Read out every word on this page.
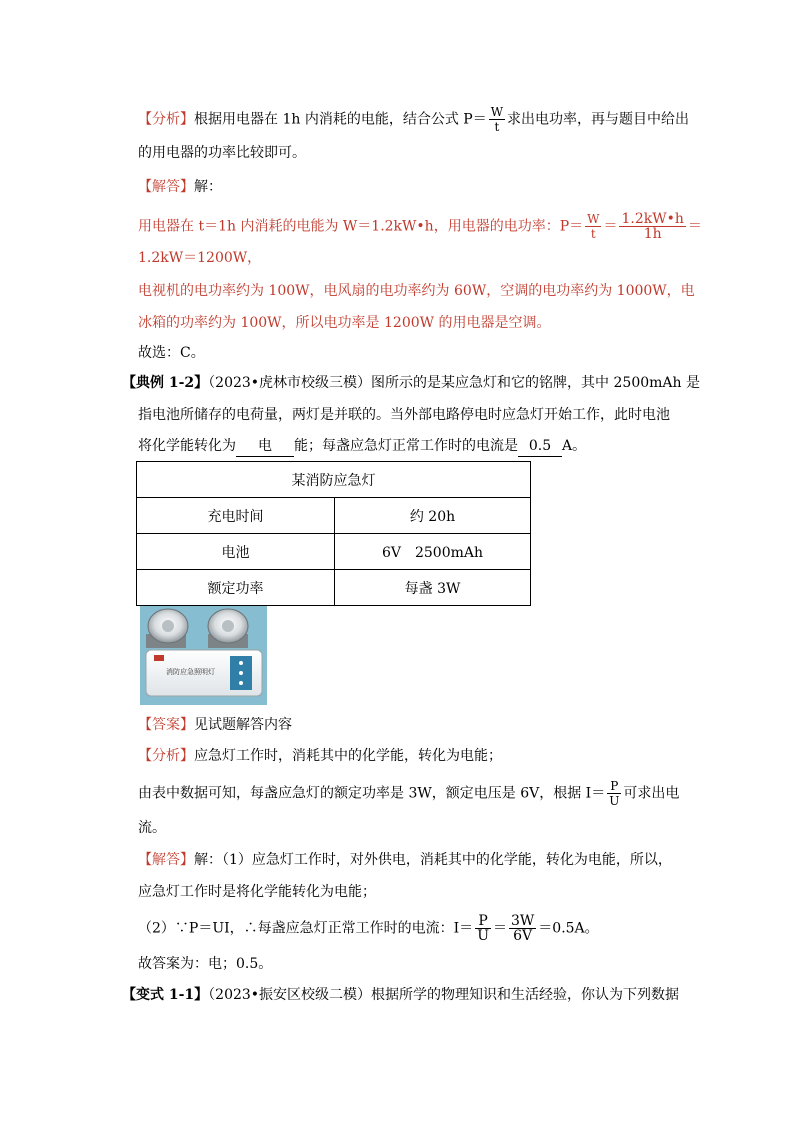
【分析】根据用电器在 1h 内消耗的电能，结合公式 $P= \frac{W}{t}$ 求出电功率，再与题目中给出
的用电器的功率比较即可。
【解答】解：
用电器在 t＝1h 内消耗的电能为 W＝1.2kW•h，用电器的电功率：$P= \frac{W}{t} = \frac{1.2kW•h}{1h}$ ＝
1.2kW＝1200W，
电视机的电功率约为 100W，电风扇的电功率约为 60W，空调的电功率约为 1000W，电
冰箱的功率约为 100W，所以电功率是 1200W 的用电器是空调。
故选：C。
【典例 1-2】（2023•虎林市校级三模）图所示的是某应急灯和它的铭牌，其中 2500mAh 是
指电池所储存的电荷量，两灯是并联的。当外部电路停电时应急灯开始工作，此时电池
将化学能转化为 电 能；每盏应急灯正常工作时的电流是 0.5 A。
某消防应急灯	
充电时间	约 20h
电池	6V　2500mAh
额定功率	每盏 3W
消防应急照明灯
【答案】见试题解答内容
【分析】应急灯工作时，消耗其中的化学能，转化为电能；
由表中数据可知，每盏应急灯的额定功率是 3W，额定电压是 6V，根据 $I= \frac{P}{U}$ 可求出电
流。
【解答】解：（1）应急灯工作时，对外供电，消耗其中的化学能，转化为电能，所以，
应急灯工作时是将化学能转化为电能；
（2）∵P＝UI，∴每盏应急灯正常工作时的电流：$I= \frac{P}{U} = \frac{3W}{6V} =0.5A$。
故答案为：电；0.5。
【变式 1-1】（2023•振安区校级二模）根据所学的物理知识和生活经验，你认为下列数据
